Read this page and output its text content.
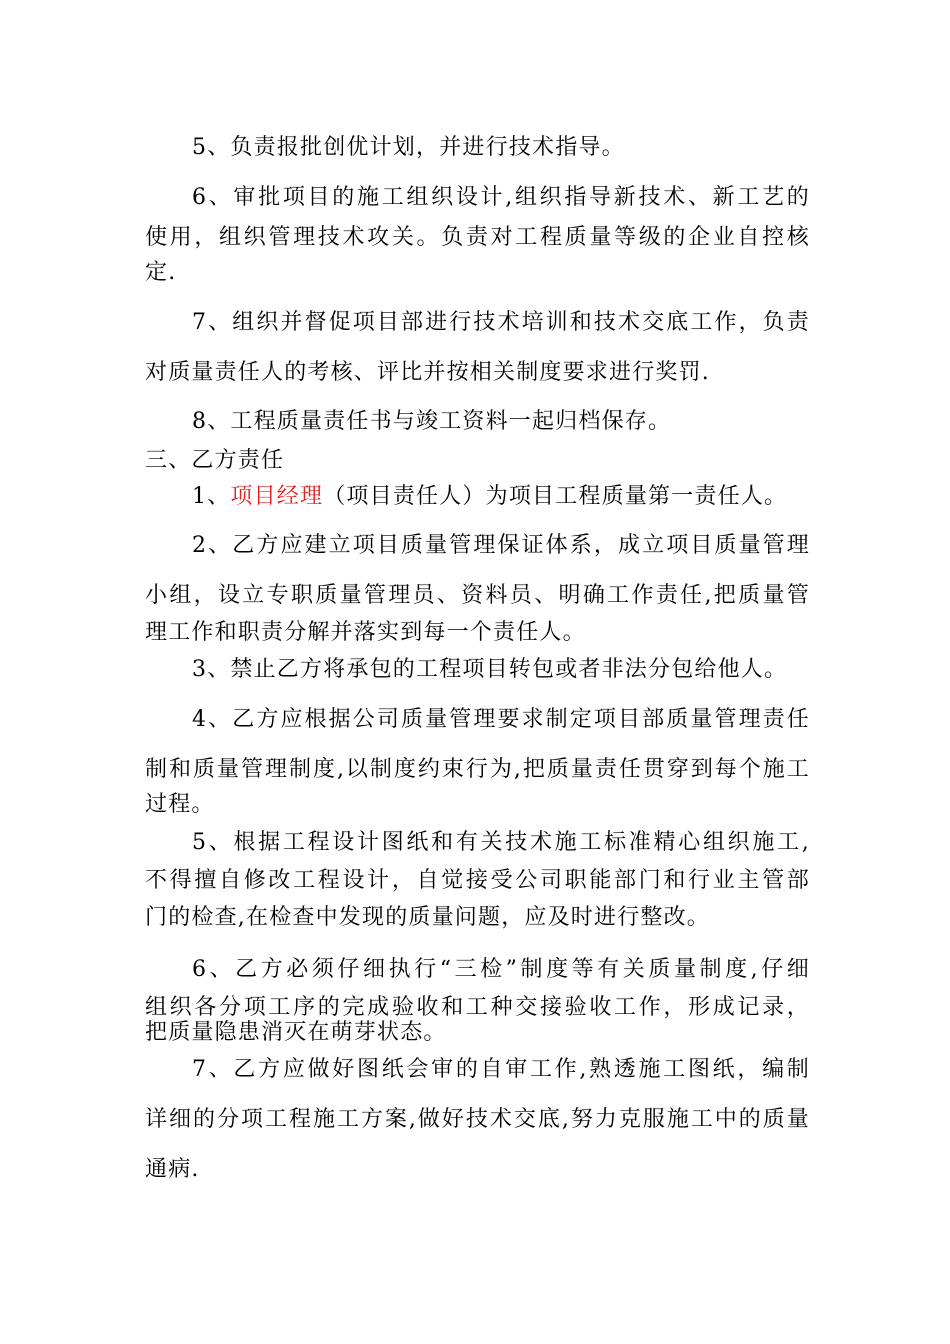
5、负责报批创优计划，并进行技术指导。
6、审批项目的施工组织设计,组织指导新技术、新工艺的
使用，组织管理技术攻关。负责对工程质量等级的企业自控核
定.
7、组织并督促项目部进行技术培训和技术交底工作，负责
对质量责任人的考核、评比并按相关制度要求进行奖罚.
8、工程质量责任书与竣工资料一起归档保存。
三、乙方责任
1、项目经理（项目责任人）为项目工程质量第一责任人。
2、乙方应建立项目质量管理保证体系，成立项目质量管理
小组，设立专职质量管理员、资料员、明确工作责任,把质量管
理工作和职责分解并落实到每一个责任人。
3、禁止乙方将承包的工程项目转包或者非法分包给他人。
4、乙方应根据公司质量管理要求制定项目部质量管理责任
制和质量管理制度,以制度约束行为,把质量责任贯穿到每个施工
过程。
5、根据工程设计图纸和有关技术施工标准精心组织施工,
不得擅自修改工程设计，自觉接受公司职能部门和行业主管部
门的检查,在检查中发现的质量问题，应及时进行整改。
6、乙方必须仔细执行“三检”制度等有关质量制度,仔细
组织各分项工序的完成验收和工种交接验收工作，形成记录，
把质量隐患消灭在萌芽状态。
7、乙方应做好图纸会审的自审工作,熟透施工图纸，编制
详细的分项工程施工方案,做好技术交底,努力克服施工中的质量
通病.
